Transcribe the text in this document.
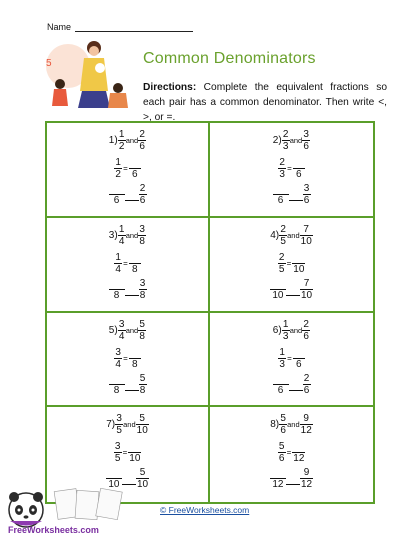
Name
5	Common Denominators
Directions: Complete the equivalent fractions so each pair has a common denominator. Then write <, >, or =.
$1) \frac{1}{2}$ and $\frac{2}{6}$
$\frac{1}{2}$ =
6
$6 \frac{2}{6}$
$2) \frac{2}{3}$ and $\frac{3}{6}$
$\frac{2}{3}$ =
6
$6 \frac{3}{6}$
$3) \frac{1}{4}$ and $\frac{3}{8}$
$\frac{1}{4}$ =
8
$8 \frac{3}{8}$
$4) \frac{2}{5}$ and $\frac{7}{10}$
$\frac{2}{5}$ =
10
$10 \frac{7}{10}$
$5) \frac{3}{4}$ and $\frac{5}{8}$
$\frac{3}{4}$ =
8
$8 \frac{5}{8}$
$6) \frac{1}{3}$ and $\frac{2}{6}$
$\frac{1}{3}$ =
6
$6 \frac{2}{6}$
$7) \frac{3}{5}$ and $\frac{5}{10}$
$\frac{3}{5}$ =
10
$10 \frac{5}{10}$
$8) \frac{5}{6}$ and $\frac{9}{12}$
$\frac{5}{6}$ =
12
$12 \frac{9}{12}$
FreeWorksheets.com
© FreeWorksheets.com
